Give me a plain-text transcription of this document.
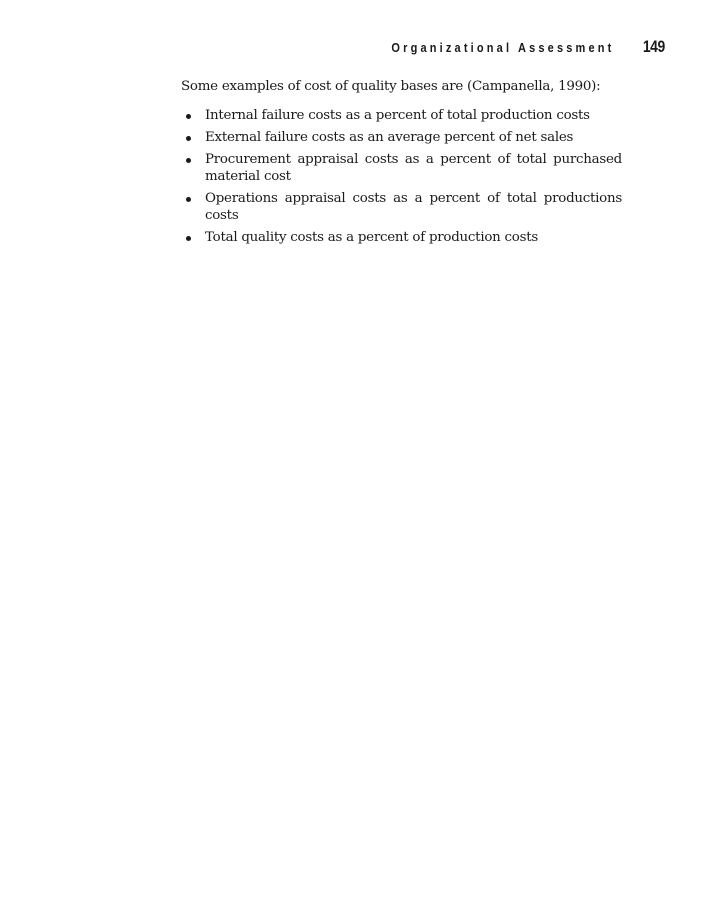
Organizational Assessment 149

Some examples of cost of quality bases are (Campanella, 1990):

Internal failure costs as a percent of total production costs
External failure costs as an average percent of net sales
Procurement appraisal costs as a percent of total purchased material cost
Operations appraisal costs as a percent of total productions costs
Total quality costs as a percent of production costs
